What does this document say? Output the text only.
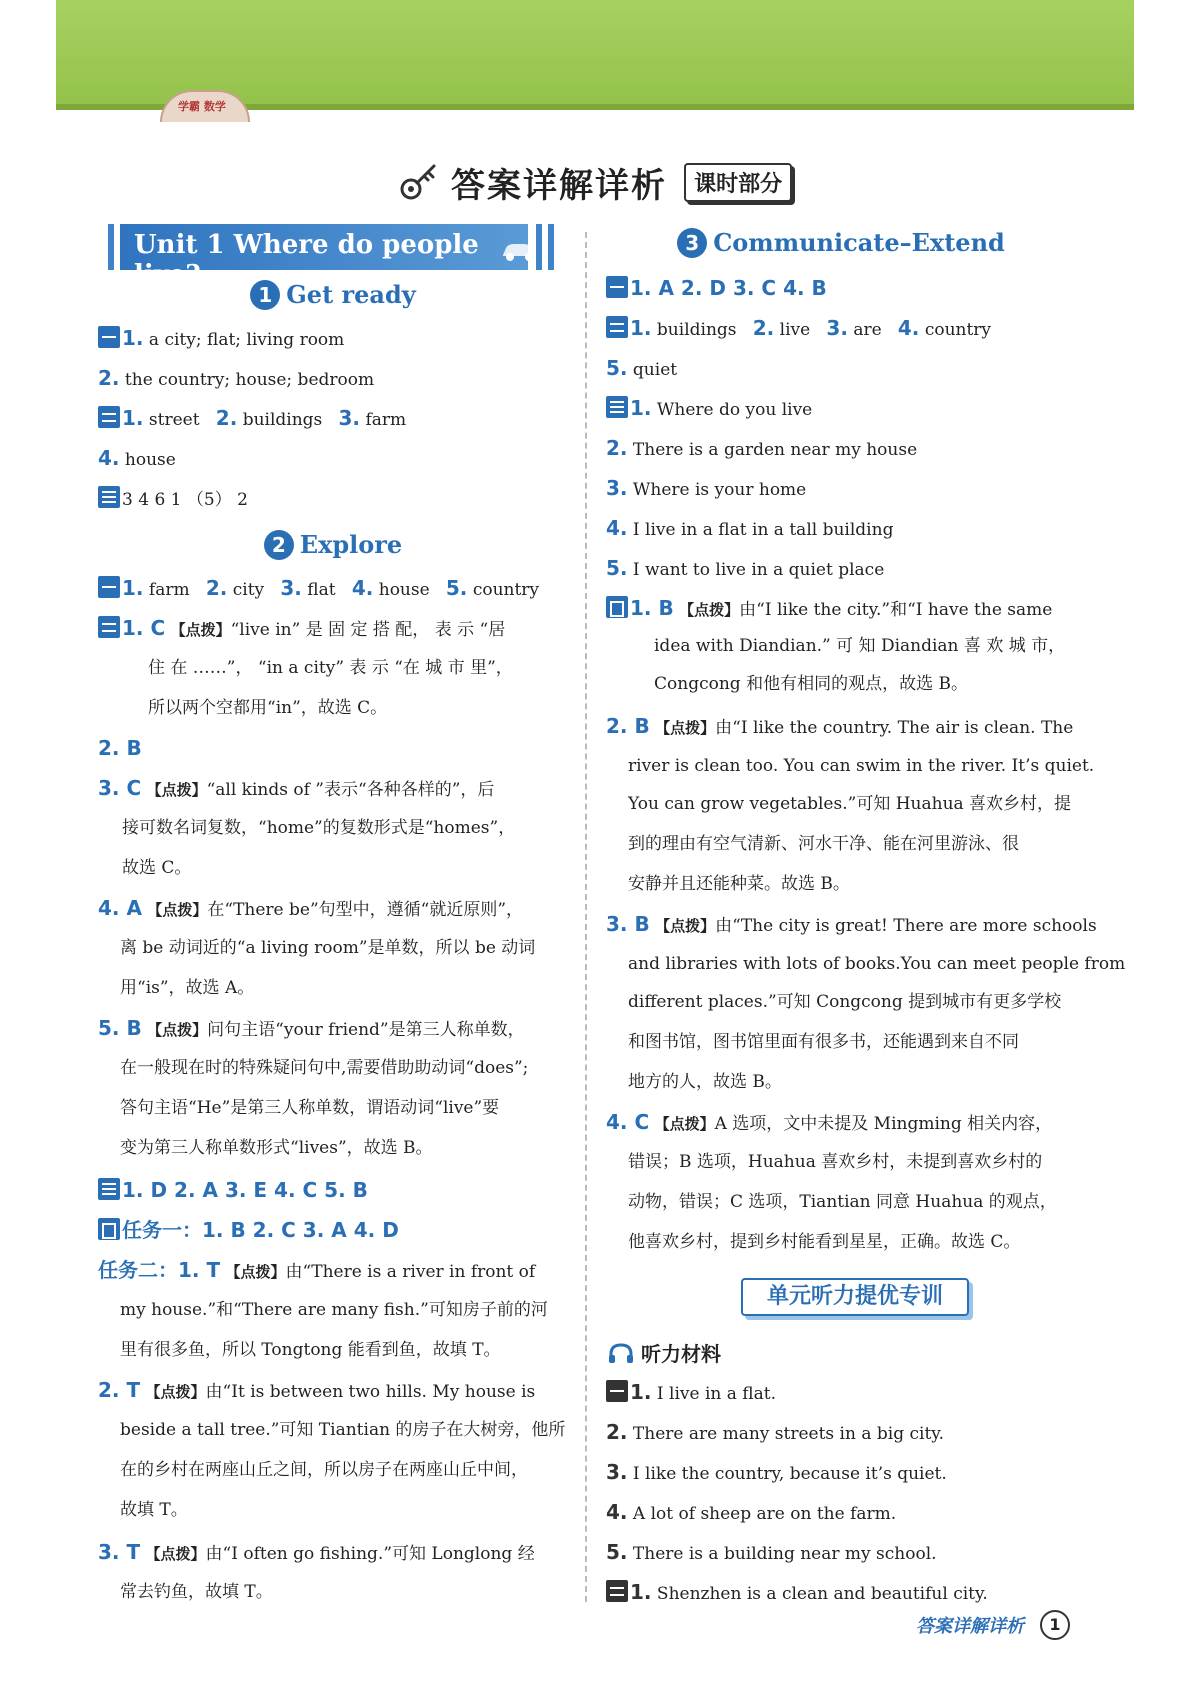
学霸 数学
答案详解详析 课时部分
Unit 1 Where do people live?
1 Get ready
1. a city; flat; living room
2. the country; house; bedroom
1. street 2. buildings 3. farm
4. house
3 4 6 1 （5） 2
2 Explore
1. farm 2. city 3. flat 4. house 5. country
1. C 【点拨】“live in” 是 固 定 搭 配， 表 示 “居
住 在 ……”， “in a city” 表 示 “在 城 市 里”，
所以两个空都用“in”，故选 C。
2. B
3. C 【点拨】“all kinds of ”表示“各种各样的”，后
接可数名词复数，“home”的复数形式是“homes”，
故选 C。
4. A 【点拨】在“There be”句型中，遵循“就近原则”，
离 be 动词近的“a living room”是单数，所以 be 动词
用“is”，故选 A。
5. B 【点拨】问句主语“your friend”是第三人称单数，
在一般现在时的特殊疑问句中,需要借助助动词“does”;
答句主语“He”是第三人称单数，谓语动词“live”要
变为第三人称单数形式“lives”，故选 B。
1. D 2. A 3. E 4. C 5. B
任务一：1. B 2. C 3. A 4. D
任务二：1. T 【点拨】由“There is a river in front of
my house.”和“There are many fish.”可知房子前的河
里有很多鱼，所以 Tongtong 能看到鱼，故填 T。
2. T 【点拨】由“It is between two hills. My house is
beside a tall tree.”可知 Tiantian 的房子在大树旁，他所
在的乡村在两座山丘之间，所以房子在两座山丘中间，
故填 T。
3. T 【点拨】由“I often go fishing.”可知 Longlong 经
常去钓鱼，故填 T。
3 Communicate–Extend
1. A 2. D 3. C 4. B
1. buildings 2. live 3. are 4. country
5. quiet
1. Where do you live
2. There is a garden near my house
3. Where is your home
4. I live in a flat in a tall building
5. I want to live in a quiet place
1. B 【点拨】由“I like the city.”和“I have the same
idea with Diandian.” 可 知 Diandian 喜 欢 城 市，
Congcong 和他有相同的观点，故选 B。
2. B 【点拨】由“I like the country. The air is clean. The
river is clean too. You can swim in the river. It’s quiet.
You can grow vegetables.”可知 Huahua 喜欢乡村，提
到的理由有空气清新、河水干净、能在河里游泳、很
安静并且还能种菜。故选 B。
3. B 【点拨】由“The city is great! There are more schools
and libraries with lots of books.You can meet people from
different places.”可知 Congcong 提到城市有更多学校
和图书馆，图书馆里面有很多书，还能遇到来自不同
地方的人，故选 B。
4. C 【点拨】A 选项，文中未提及 Mingming 相关内容，
错误；B 选项，Huahua 喜欢乡村，未提到喜欢乡村的
动物，错误；C 选项，Tiantian 同意 Huahua 的观点，
他喜欢乡村，提到乡村能看到星星，正确。故选 C。
单元听力提优专训
听力材料
1. I live in a flat.
2. There are many streets in a big city.
3. I like the country, because it’s quiet.
4. A lot of sheep are on the farm.
5. There is a building near my school.
1. Shenzhen is a clean and beautiful city.
答案详解详析	1
